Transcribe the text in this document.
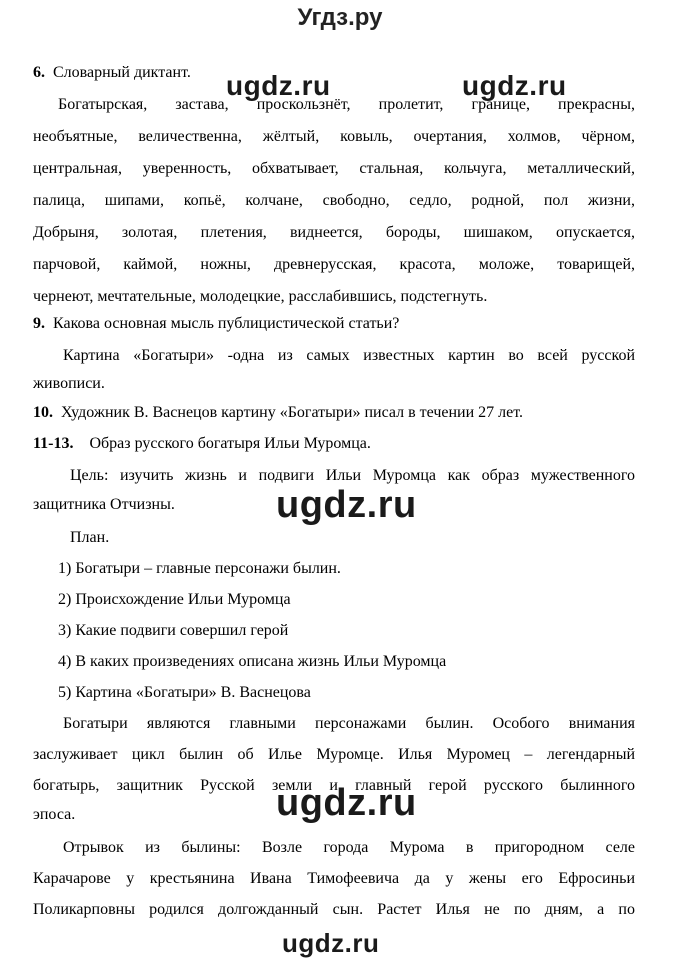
Угдз.ру
6. Словарный диктант.
Богатырская, застава, проскользнёт, пролетит, границе, прекрасны,
необъятные, величественна, жёлтый, ковыль, очертания, холмов, чёрном,
центральная, уверенность, обхватывает, стальная, кольчуга, металлический,
палица, шипами, копьё, колчане, свободно, седло, родной, пол жизни,
Добрыня, золотая, плетения, виднеется, бороды, шишаком, опускается,
парчовой, каймой, ножны, древнерусская, красота, моложе, товарищей,
чернеют, мечтательные, молодецкие, расслабившись, подстегнуть.
9. Какова основная мысль публицистической статьи?
Картина «Богатыри» -одна из самых известных картин во всей русской
живописи.
10. Художник В. Васнецов картину «Богатыри» писал в течении 27 лет.
11-13. Образ русского богатыря Ильи Муромца.
Цель: изучить жизнь и подвиги Ильи Муромца как образ мужественного
защитника Отчизны.
План.
1) Богатыри – главные персонажи былин.
2) Происхождение Ильи Муромца
3) Какие подвиги совершил герой
4) В каких произведениях описана жизнь Ильи Муромца
5) Картина «Богатыри» В. Васнецова
Богатыри являются главными персонажами былин. Особого внимания
заслуживает цикл былин об Илье Муромце. Илья Муромец – легендарный
богатырь, защитник Русской земли и главный герой русского былинного
эпоса.
Отрывок из былины: Возле города Мурома в пригородном селе
Карачарове у крестьянина Ивана Тимофеевича да у жены его Ефросиньи
Поликарповны родился долгожданный сын. Растет Илья не по дням, а по
ugdz.ru	ugdz.ru
ugdz.ru
ugdz.ru
ugdz.ru
